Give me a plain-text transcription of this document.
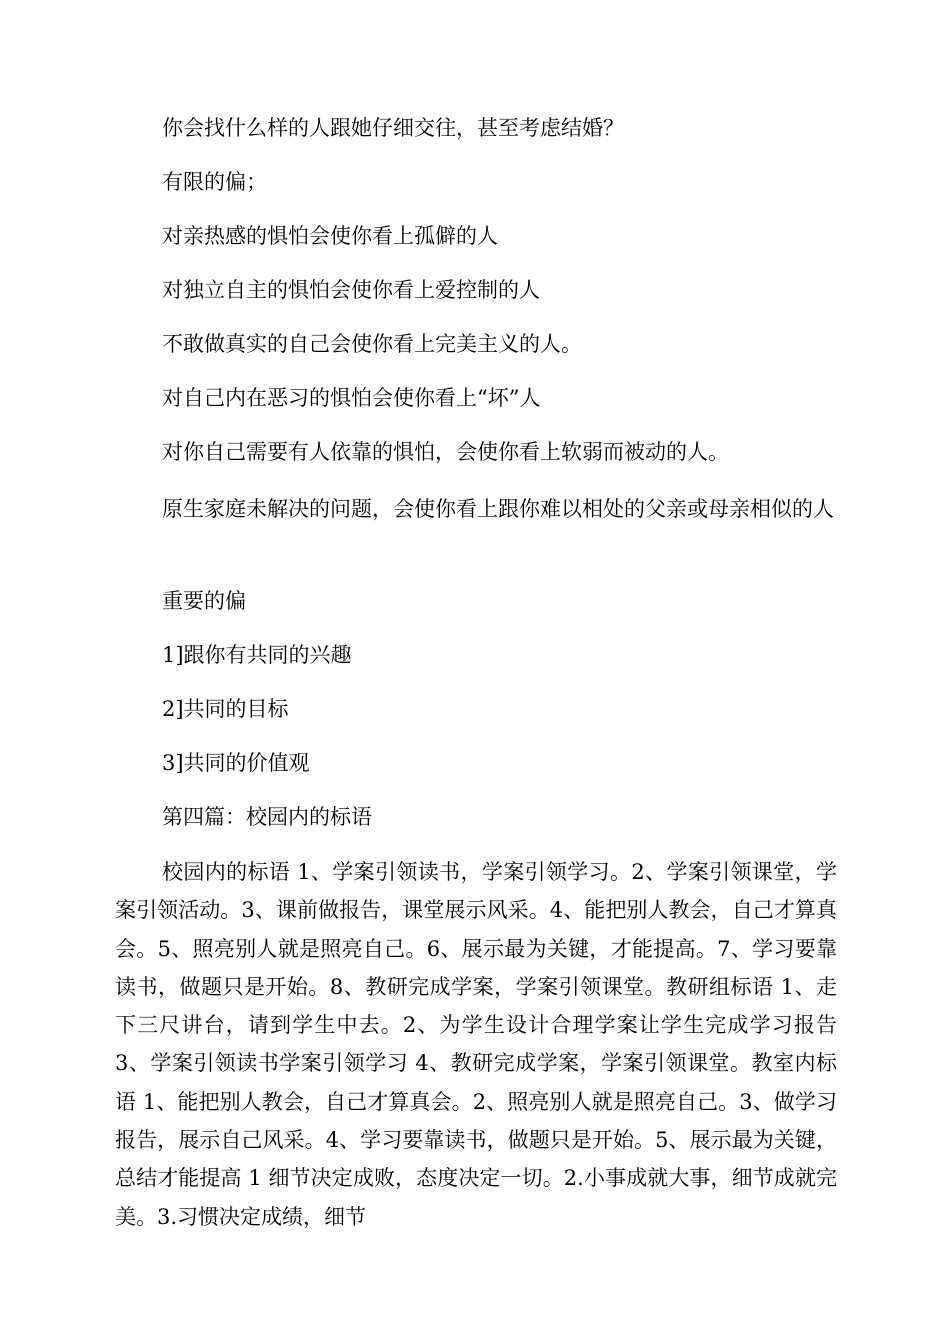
你会找什么样的人跟她仔细交往，甚至考虑结婚？

有限的偏；

对亲热感的惧怕会使你看上孤僻的人

对独立自主的惧怕会使你看上爱控制的人

不敢做真实的自己会使你看上完美主义的人。

对自己内在恶习的惧怕会使你看上“坏”人

对你自己需要有人依靠的惧怕，会使你看上软弱而被动的人。

原生家庭未解决的问题，会使你看上跟你难以相处的父亲或母亲相似的人

重要的偏

1]跟你有共同的兴趣

2]共同的目标

3]共同的价值观

第四篇：校园内的标语

校园内的标语 1、学案引领读书，学案引领学习。2、学案引领课堂，学案引领活动。3、课前做报告，课堂展示风采。4、能把别人教会，自己才算真会。5、照亮别人就是照亮自己。6、展示最为关键，才能提高。7、学习要靠读书，做题只是开始。8、教研完成学案，学案引领课堂。教研组标语 1、走下三尺讲台，请到学生中去。2、为学生设计合理学案让学生完成学习报告 3、学案引领读书学案引领学习 4、教研完成学案，学案引领课堂。教室内标语 1、能把别人教会，自己才算真会。2、照亮别人就是照亮自己。3、做学习报告，展示自己风采。4、学习要靠读书，做题只是开始。5、展示最为关键，总结才能提高 1 细节决定成败，态度决定一切。2.小事成就大事，细节成就完美。3.习惯决定成绩，细节
